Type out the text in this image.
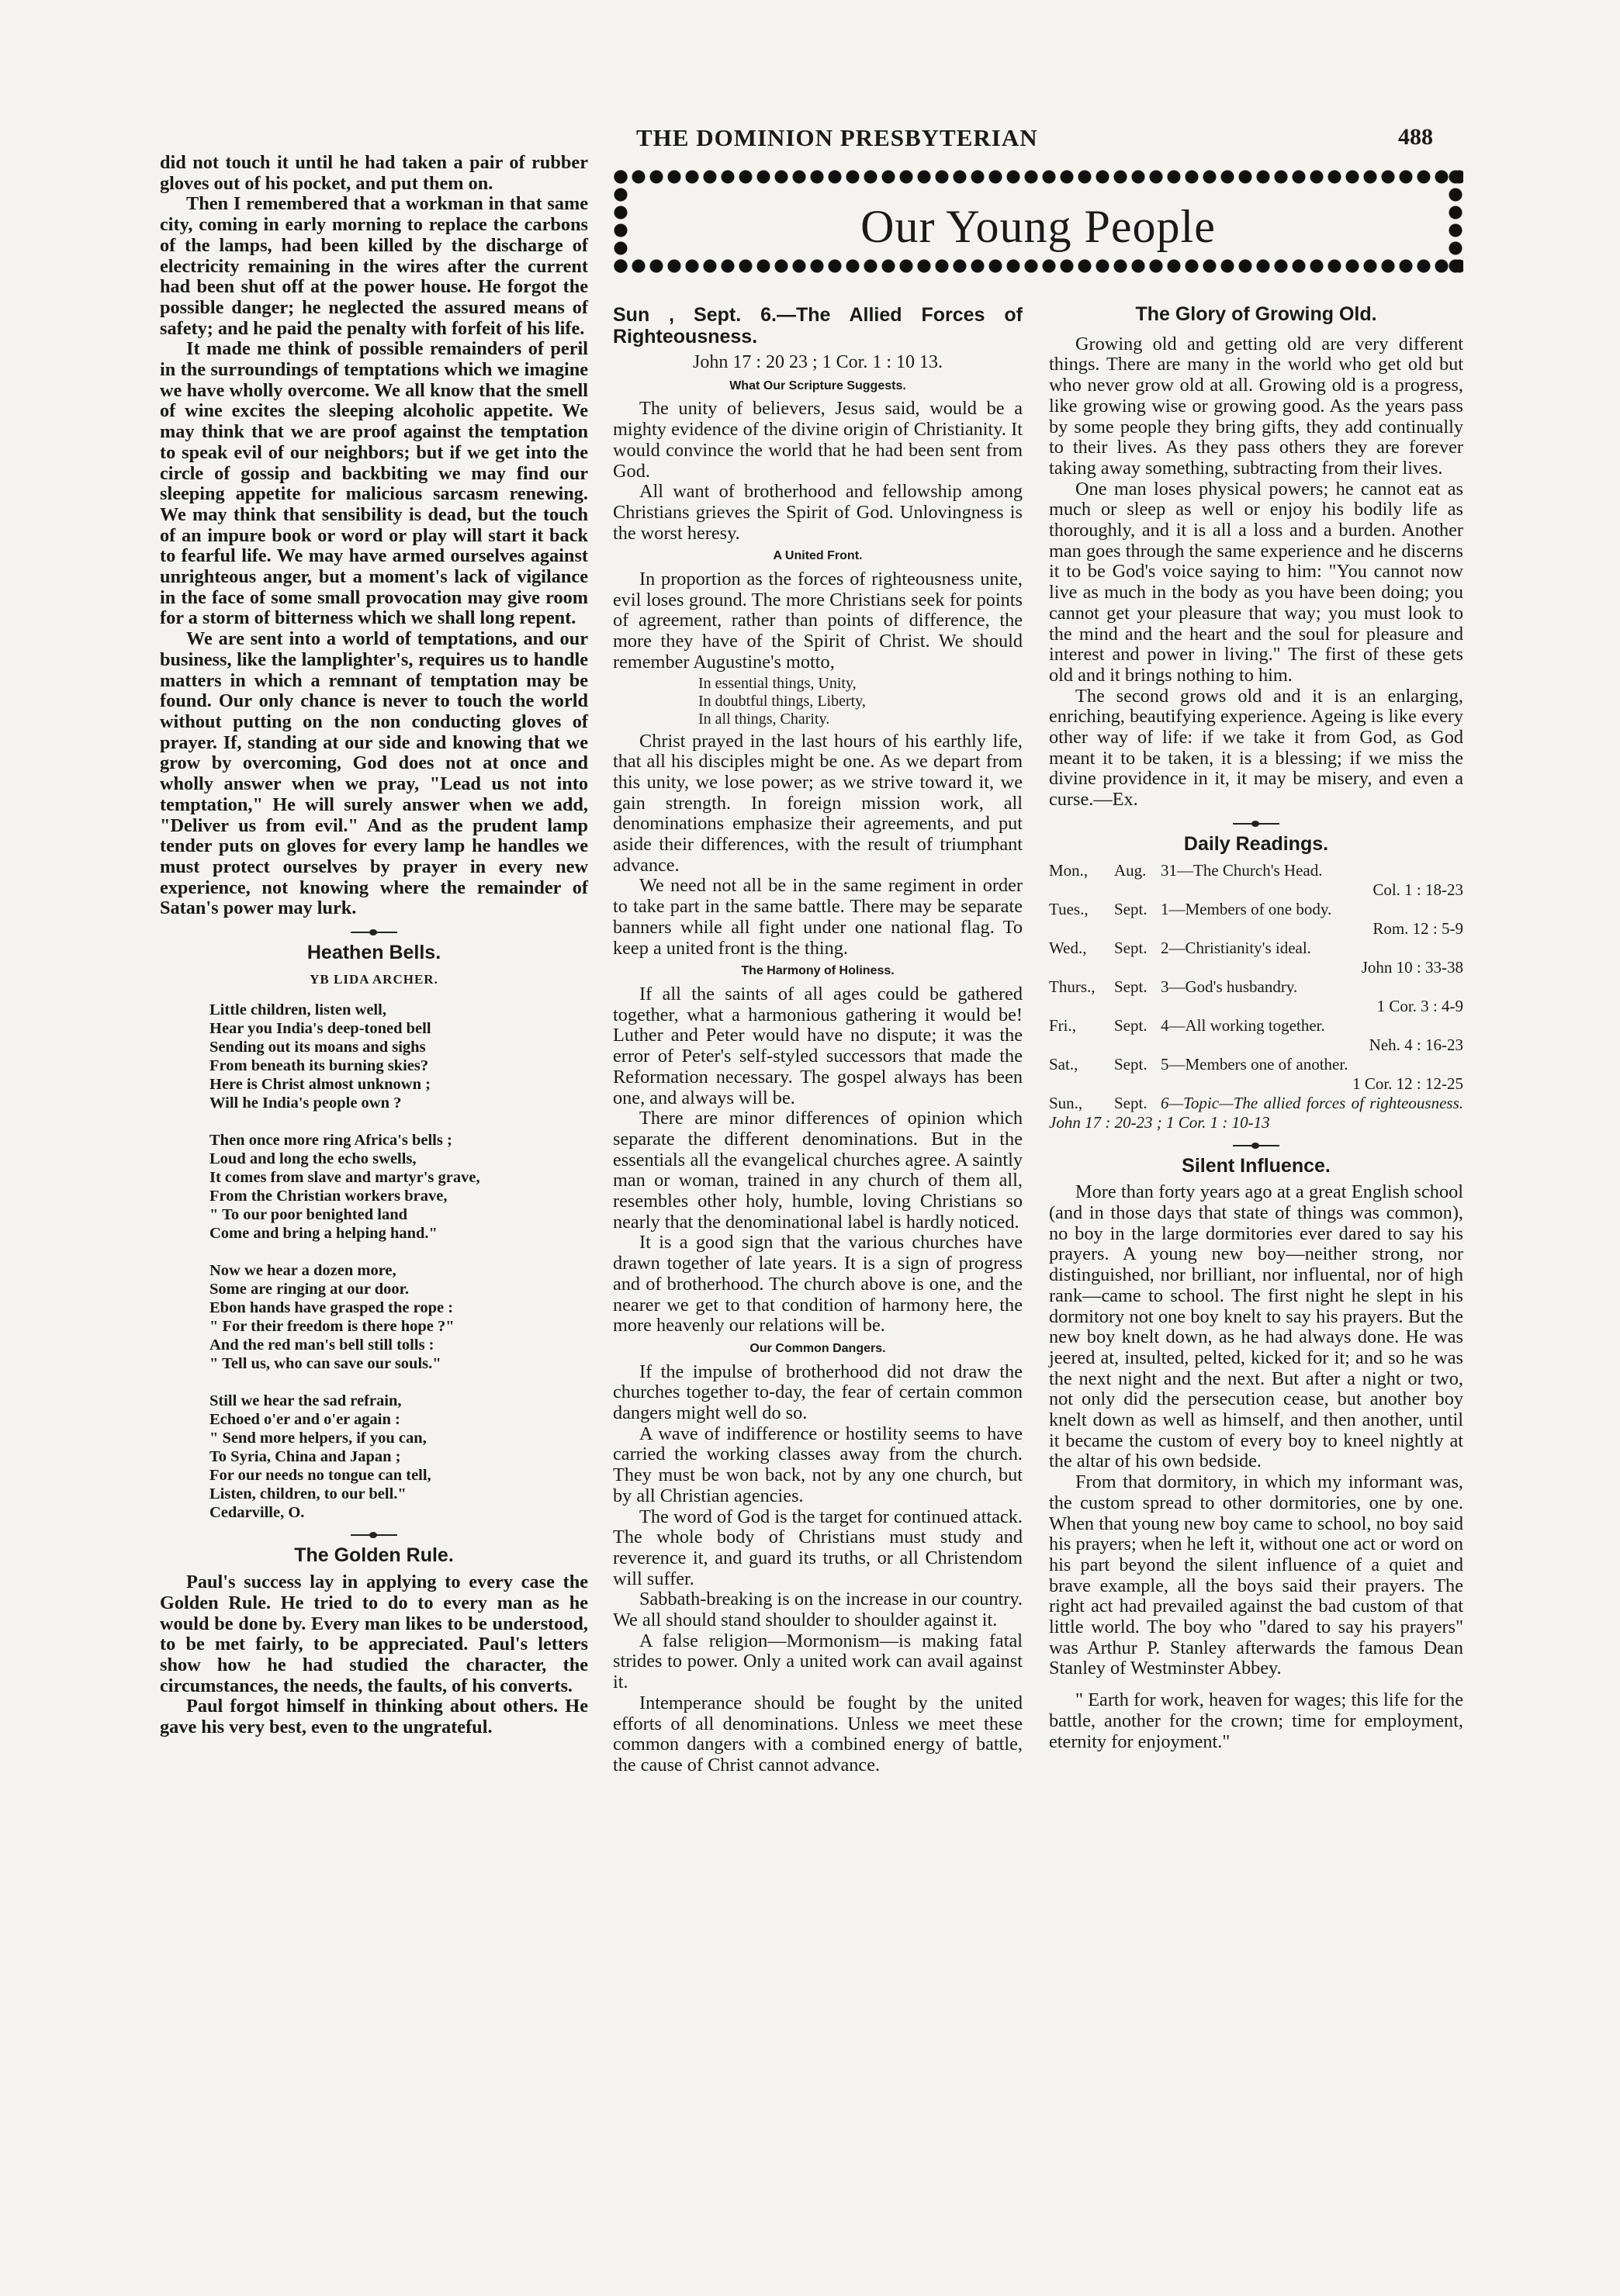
THE DOMINION PRESBYTERIAN	488
Our Young People

did not touch it until he had taken a pair of rubber gloves out of his pocket, and put them on.

Then I remembered that a workman in that same city, coming in early morning to replace the carbons of the lamps, had been killed by the discharge of electricity remaining in the wires after the current had been shut off at the power house. He forgot the possible danger; he neglected the assured means of safety; and he paid the penalty with forfeit of his life.

It made me think of possible remainders of peril in the surroundings of temptations which we imagine we have wholly overcome. We all know that the smell of wine excites the sleeping alcoholic appetite. We may think that we are proof against the temptation to speak evil of our neighbors; but if we get into the circle of gossip and backbiting we may find our sleeping appetite for malicious sarcasm renewing. We may think that sensibility is dead, but the touch of an impure book or word or play will start it back to fearful life. We may have armed ourselves against unrighteous anger, but a moment's lack of vigilance in the face of some small provocation may give room for a storm of bitterness which we shall long repent.

We are sent into a world of temptations, and our business, like the lamplighter's, requires us to handle matters in which a remnant of temptation may be found. Our only chance is never to touch the world without putting on the non conducting gloves of prayer. If, standing at our side and knowing that we grow by overcoming, God does not at once and wholly answer when we pray, "Lead us not into temptation," He will surely answer when we add, "Deliver us from evil." And as the prudent lamp tender puts on gloves for every lamp he handles we must protect ourselves by prayer in every new experience, not knowing where the remainder of Satan's power may lurk.

Heathen Bells.
YB LIDA ARCHER.
Little children, listen well,
Hear you India's deep-toned bell
Sending out its moans and sighs
From beneath its burning skies?
Here is Christ almost unknown ;
Will he India's people own ?
Then once more ring Africa's bells ;
Loud and long the echo swells,
It comes from slave and martyr's grave,
From the Christian workers brave,
" To our poor benighted land
Come and bring a helping hand."
Now we hear a dozen more,
Some are ringing at our door.
Ebon hands have grasped the rope :
" For their freedom is there hope ?"
And the red man's bell still tolls :
" Tell us, who can save our souls."
Still we hear the sad refrain,
Echoed o'er and o'er again :
" Send more helpers, if you can,
To Syria, China and Japan ;
For our needs no tongue can tell,
Listen, children, to our bell."
Cedarville, O.
The Golden Rule.

Paul's success lay in applying to every case the Golden Rule. He tried to do to every man as he would be done by. Every man likes to be understood, to be met fairly, to be appreciated. Paul's letters show how he had studied the character, the circumstances, the needs, the faults, of his converts.

Paul forgot himself in thinking about others. He gave his very best, even to the ungrateful.

Sun , Sept. 6.—The Allied Forces of Righteousness.
John 17 : 20 23 ; 1 Cor. 1 : 10 13.
What Our Scripture Suggests.

The unity of believers, Jesus said, would be a mighty evidence of the divine origin of Christianity. It would convince the world that he had been sent from God.

All want of brotherhood and fellowship among Christians grieves the Spirit of God. Unlovingness is the worst heresy.

A United Front.

In proportion as the forces of righteousness unite, evil loses ground. The more Christians seek for points of agreement, rather than points of difference, the more they have of the Spirit of Christ. We should remember Augustine's motto,

In essential things, Unity,
In doubtful things, Liberty,
In all things, Charity.

Christ prayed in the last hours of his earthly life, that all his disciples might be one. As we depart from this unity, we lose power; as we strive toward it, we gain strength. In foreign mission work, all denominations emphasize their agreements, and put aside their differences, with the result of triumphant advance.

We need not all be in the same regiment in order to take part in the same battle. There may be separate banners while all fight under one national flag. To keep a united front is the thing.

The Harmony of Holiness.

If all the saints of all ages could be gathered together, what a harmonious gathering it would be! Luther and Peter would have no dispute; it was the error of Peter's self-styled successors that made the Reformation necessary. The gospel always has been one, and always will be.

There are minor differences of opinion which separate the different denominations. But in the essentials all the evangelical churches agree. A saintly man or woman, trained in any church of them all, resembles other holy, humble, loving Christians so nearly that the denominational label is hardly noticed.

It is a good sign that the various churches have drawn together of late years. It is a sign of progress and of brotherhood. The church above is one, and the nearer we get to that condition of harmony here, the more heavenly our relations will be.

Our Common Dangers.

If the impulse of brotherhood did not draw the churches together to-day, the fear of certain common dangers might well do so.

A wave of indifference or hostility seems to have carried the working classes away from the church. They must be won back, not by any one church, but by all Christian agencies.

The word of God is the target for continued attack. The whole body of Christians must study and reverence it, and guard its truths, or all Christendom will suffer.

Sabbath-breaking is on the increase in our country. We all should stand shoulder to shoulder against it.

A false religion—Mormonism—is making fatal strides to power. Only a united work can avail against it.

Intemperance should be fought by the united efforts of all denominations. Unless we meet these common dangers with a combined energy of battle, the cause of Christ cannot advance.

The Glory of Growing Old.

Growing old and getting old are very different things. There are many in the world who get old but who never grow old at all. Growing old is a progress, like growing wise or growing good. As the years pass by some people they bring gifts, they add continually to their lives. As they pass others they are forever taking away something, subtracting from their lives.

One man loses physical powers; he cannot eat as much or sleep as well or enjoy his bodily life as thoroughly, and it is all a loss and a burden. Another man goes through the same experience and he discerns it to be God's voice saying to him: "You cannot now live as much in the body as you have been doing; you cannot get your pleasure that way; you must look to the mind and the heart and the soul for pleasure and interest and power in living." The first of these gets old and it brings nothing to him.

The second grows old and it is an enlarging, enriching, beautifying experience. Ageing is like every other way of life: if we take it from God, as God meant it to be taken, it is a blessing; if we miss the divine providence in it, it may be misery, and even a curse.—Ex.

Daily Readings.
Mon., Aug. 31—The Church's Head.
Col. 1 : 18-23
Tues., Sept. 1—Members of one body.
Rom. 12 : 5-9
Wed., Sept. 2—Christianity's ideal.
John 10 : 33-38
Thurs., Sept. 3—God's husbandry.
1 Cor. 3 : 4-9
Fri., Sept. 4—All working together.
Neh. 4 : 16-23
Sat., Sept. 5—Members one of another.
1 Cor. 12 : 12-25
Sun., Sept. 6—Topic—The allied forces of righteousness. John 17 : 20-23 ; 1 Cor. 1 : 10-13
Silent Influence.

More than forty years ago at a great English school (and in those days that state of things was common), no boy in the large dormitories ever dared to say his prayers. A young new boy—neither strong, nor distinguished, nor brilliant, nor influental, nor of high rank—came to school. The first night he slept in his dormitory not one boy knelt to say his prayers. But the new boy knelt down, as he had always done. He was jeered at, insulted, pelted, kicked for it; and so he was the next night and the next. But after a night or two, not only did the persecution cease, but another boy knelt down as well as himself, and then another, until it became the custom of every boy to kneel nightly at the altar of his own bedside.

From that dormitory, in which my informant was, the custom spread to other dormitories, one by one. When that young new boy came to school, no boy said his prayers; when he left it, without one act or word on his part beyond the silent influence of a quiet and brave example, all the boys said their prayers. The right act had prevailed against the bad custom of that little world. The boy who "dared to say his prayers" was Arthur P. Stanley afterwards the famous Dean Stanley of Westminster Abbey.

" Earth for work, heaven for wages; this life for the battle, another for the crown; time for employment, eternity for enjoyment."
